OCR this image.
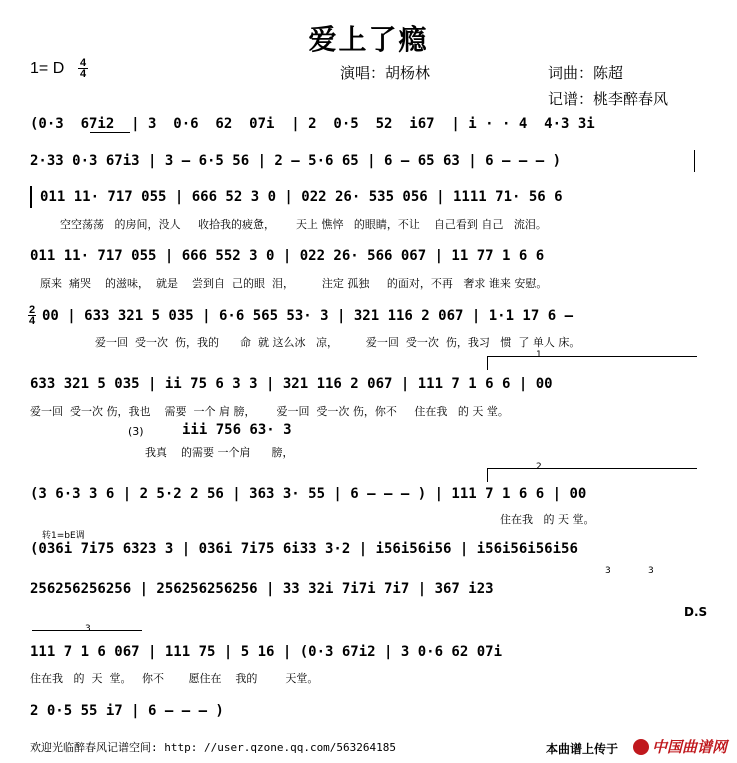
爱上了瘾
演唱：胡杨林	词曲：陈超
记谱：桃李醉春风
1= D 4
4
(0·3  67i2  | 3  0·6  62  07i  | 2  0·5  52  i67  | i · · 4  4·3 3i
2·33 0·3 67i3 | 3 – 6·5 56 | 2 – 5·6 65 | 6 – 65 63 | 6 – – – )
011 11· 717 055 | 666 52 3 0 | 022 26· 535 056 | 1111 71· 56 6
空空荡荡   的房间，没人     收拾我的疲惫，      天上 憔悴   的眼睛，不让    自己看到 自己   流泪。
011 11· 717 055 | 666 552 3 0 | 022 26· 566 067 | 11 77 1 6 6
原来  痛哭    的滋味，  就是    尝到自  己的眼  泪，        注定 孤独     的面对，不再   奢求 谁来 安慰。
2
4 00 | 633 321 5 035 | 6·6 565 53· 3 | 321 116 2 067 | 1·1 17 6 –
爱一回  受一次  伤，我的      命  就 这么冰   凉，        爱一回  受一次  伤，我习   惯  了 单人 床。
1
633 321 5 035 | ii 75 6 3 3 | 321 116 2 067 | 111 7 1 6 6 | 00
爱一回  受一次 伤，我也    需要  一个 肩 膀，      爱一回  受一次 伤，你不     住在我   的 天 堂。
(3)	iii 756 63· 3
我真    的需要 一个肩      膀，
2
(3 6·3 3 6 | 2 5·2 2 56 | 363 3· 55 | 6 – – – ) | 111 7 1 6 6 | 00
住在我   的 天 堂。
转1=bE调
(036i 7i75 6323 3 | 036i 7i75 6i33 3·2 | i56i56i56 | i56i56i56i56
256256256256 | 256256256256 | 33 32i 7i7i 7i7 | 367 i23
3	3
D.S
3
111 7 1 6 067 | 111 75 | 5 16 | (0·3 67i2 | 3 0·6 62 07i
住在我   的  天  堂。   你不       愿住在    我的        天堂。
2 0·5 55 i7 | 6 – – – )
欢迎光临醉春风记谱空间: http: //user.qzone.qq.com/563264185	本曲谱上传于	中国曲谱网
